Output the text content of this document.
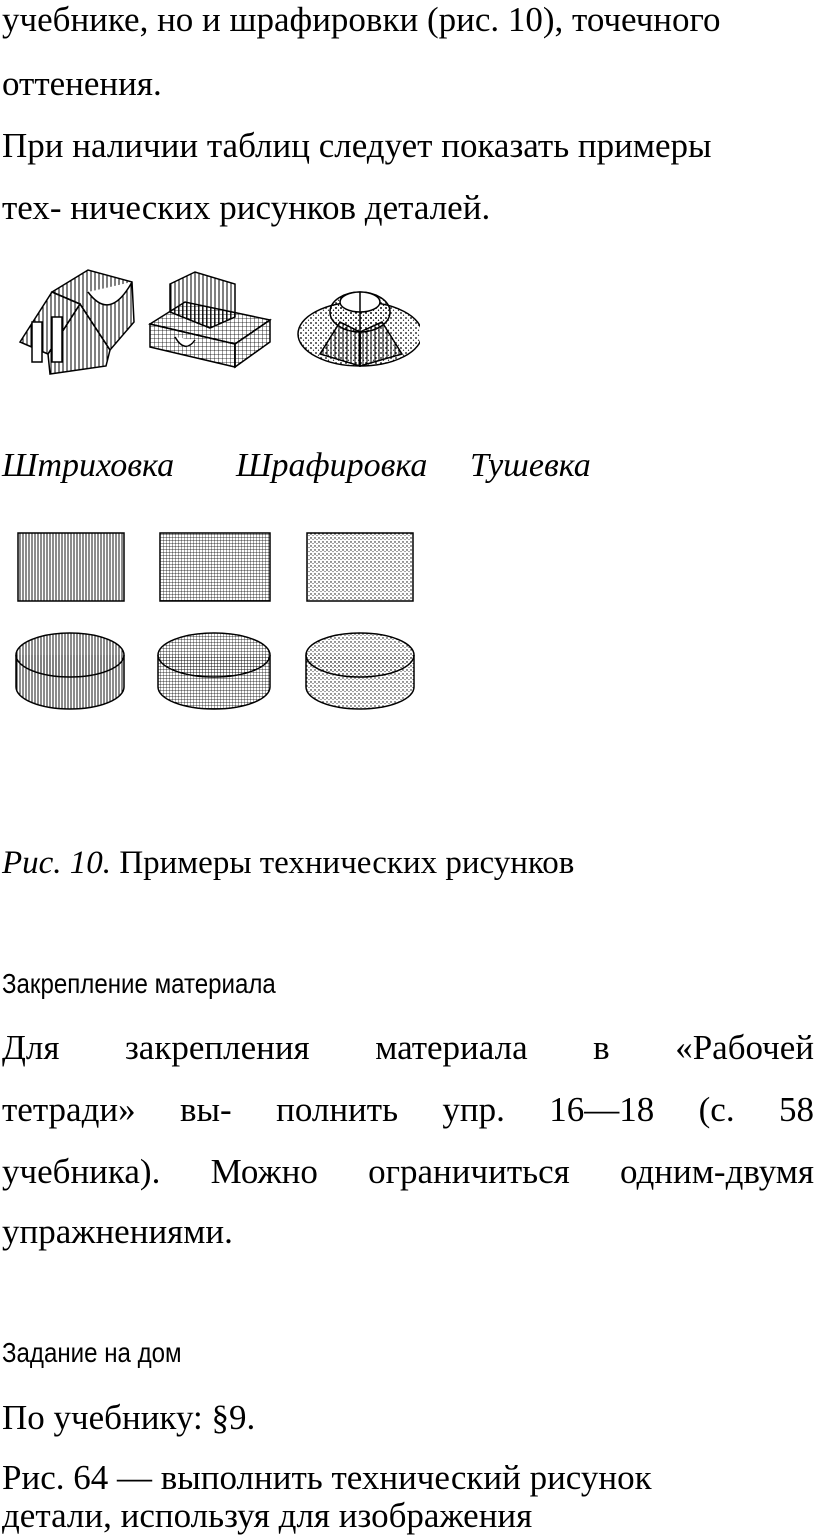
учебнике, но и шрафировки (рис. 10), точечного
оттенения.
При наличии таблиц следует показать примеры
тех- нических рисунков деталей.
Штриховка Шрафировка Тушевка
Рис. 10. Примеры технических рисунков
Закрепление материала
Для закрепления материала в «Рабочей
тетради» вы- полнить упр. 16—18 (с. 58
учебника). Можно ограничиться одним-двумя
упражнениями.
Задание на дом
По учебнику: §9.
Рис. 64 — выполнить технический рисунок
детали, используя для изображения
